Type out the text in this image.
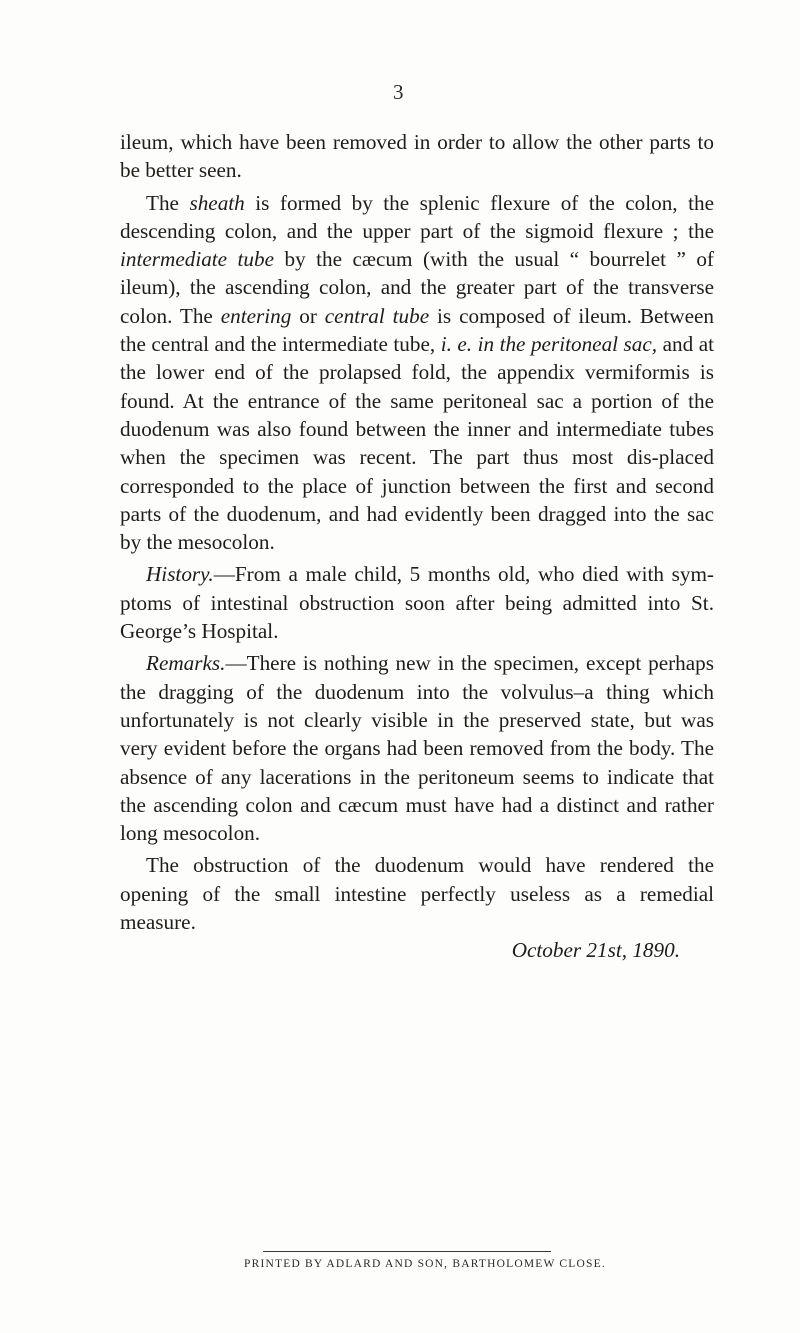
3

ileum, which have been removed in order to allow the other parts to be better seen.

The sheath is formed by the splenic flexure of the colon, the descending colon, and the upper part of the sigmoid flexure ; the intermediate tube by the cæcum (with the usual “ bourrelet ” of ileum), the ascending colon, and the greater part of the transverse colon. The entering or central tube is composed of ileum. Between the central and the intermediate tube, i. e. in the peritoneal sac, and at the lower end of the prolapsed fold, the appendix vermiformis is found. At the entrance of the same peritoneal sac a portion of the duodenum was also found between the inner and intermediate tubes when the specimen was recent. The part thus most dis-placed corresponded to the place of junction between the first and second parts of the duodenum, and had evidently been dragged into the sac by the mesocolon.

History.—From a male child, 5 months old, who died with sym-ptoms of intestinal obstruction soon after being admitted into St. George’s Hospital.

Remarks.—There is nothing new in the specimen, except perhaps the dragging of the duodenum into the volvulus–a thing which unfortunately is not clearly visible in the preserved state, but was very evident before the organs had been removed from the body. The absence of any lacerations in the peritoneum seems to indicate that the ascending colon and cæcum must have had a distinct and rather long mesocolon.

The obstruction of the duodenum would have rendered the opening of the small intestine perfectly useless as a remedial measure.

October 21st, 1890.
PRINTED BY ADLARD AND SON, BARTHOLOMEW CLOSE.
